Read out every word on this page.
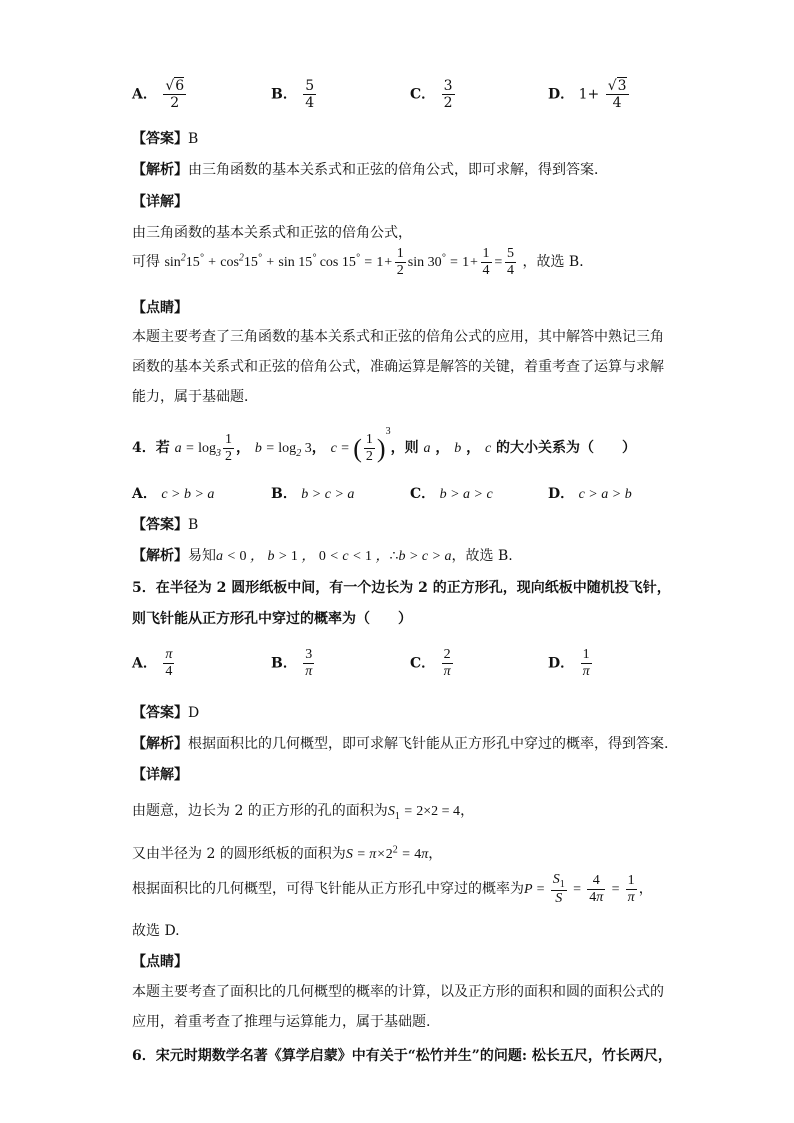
A． $\frac{√6}{2}$	B． $\frac{5}{4}$	C． $\frac{3}{2}$	D． $1+ \frac{√3}{4}$
【答案】B
【解析】由三角函数的基本关系式和正弦的倍角公式，即可求解，得到答案．
【详解】
由三角函数的基本关系式和正弦的倍角公式，
可得 $\sin^215^\circ + \cos^215^\circ + \sin 15^\circ$ $\cos 15^\circ = 1+ \frac{1}{2}$ $\sin 30^\circ = 1+ \frac{1}{4} = \frac{5}{4}$ ，故选 B．
【点睛】
本题主要考查了三角函数的基本关系式和正弦的倍角公式的应用，其中解答中熟记三角函数的基本关系式和正弦的倍角公式，准确运算是解答的关键，着重考查了运算与求解能力，属于基础题．
4．若 $a = \log_3 \frac{1}{2}$ ， $b = \log_2 3$， c = ( $\frac{1}{2} )^3$，则 a ， b ， c 的大小关系为（　　）
A． c > b > a	B． b > c > a	C． b > a > c	D． c > a > b
【答案】B
【解析】易知a < 0 ， b > 1 ， 0 < c < 1 ，∴b > c > a，故选 B.
5．在半径为 2 圆形纸板中间，有一个边长为 2 的正方形孔，现向纸板中随机投飞针，
则飞针能从正方形孔中穿过的概率为（　　）
A． $\frac{\pi}{4}$	B． $\frac{3}{\pi}$	C． $\frac{2}{\pi}$	D． $\frac{1}{\pi}$
【答案】D
【解析】根据面积比的几何概型，即可求解飞针能从正方形孔中穿过的概率，得到答案.
【详解】
由题意，边长为 2 的正方形的孔的面积为$S_1 = 2\times 2 = 4$，
又由半径为 2 的圆形纸板的面积为$S = \pi\times 2^2 = 4\pi$，
根据面积比的几何概型，可得飞针能从正方形孔中穿过的概率为$P = \frac{S_1}{S} = \frac{4}{4\pi} = \frac{1}{\pi}$ ，
故选 D.
【点睛】
本题主要考查了面积比的几何概型的概率的计算，以及正方形的面积和圆的面积公式的应用，着重考查了推理与运算能力，属于基础题.
6．宋元时期数学名著《算学启蒙》中有关于“松竹并生”的问题: 松长五尺，竹长两尺，
